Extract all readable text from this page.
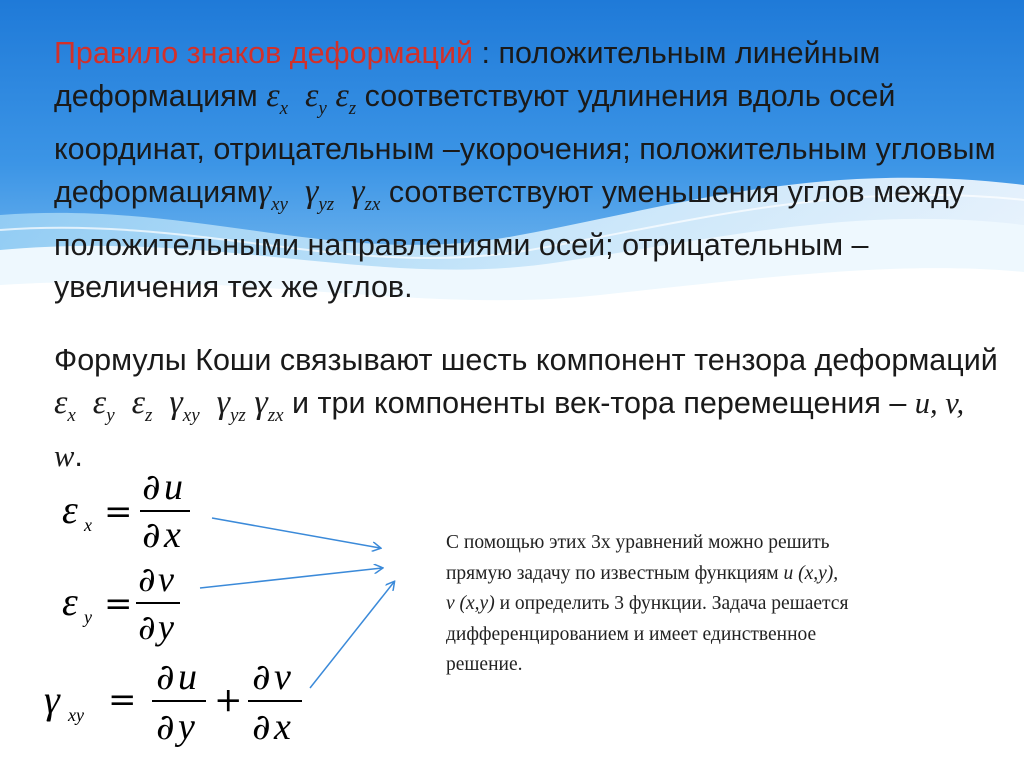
Правило знаков деформаций : положительным линейным деформациям $\varepsilon_x$ $\varepsilon_y$ $\varepsilon_z$ соответствуют удлинения вдоль осей координат, отрицательным –укорочения; положительным угловым деформациямγ$_{xy}$ $\gamma_{yz}$ $\gamma_{zx}$ соответствуют уменьшения углов между положительными направлениями осей; отрицательным – увеличения тех же углов.
Формулы Коши связывают шесть компонент тензора деформаций $\varepsilon_x$ $\varepsilon_y$ $\varepsilon_z$ $\gamma_{xy}$ $\gamma_{yz}$ $\gamma_{zx}$ и три компоненты век-тора перемещения – u, v, w.
ε x =
∂ u
∂ x
ε y =
∂ v
∂ y
γ xy =
∂ u
∂ y
+
∂ v
∂ x
С помощью этих 3х уравнений можно решить
прямую задачу по известным функциям u (x,y),
v (x,y) и определить 3 функции. Задача решается
дифференцированием и имеет единственное
решение.
